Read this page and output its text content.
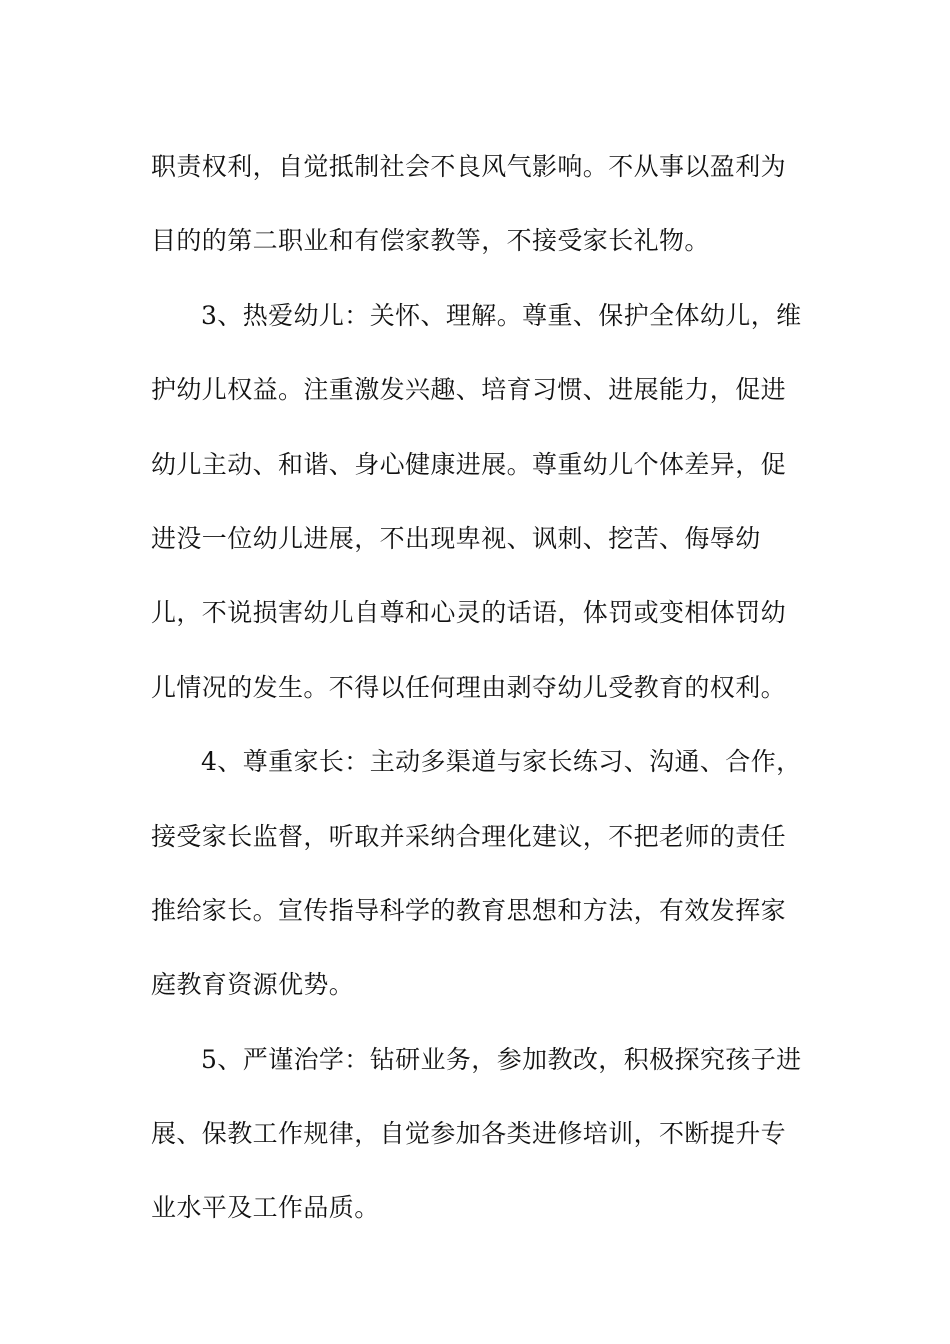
职责权利，自觉抵制社会不良风气影响。不从事以盈利为
目的的第二职业和有偿家教等，不接受家长礼物。
3、热爱幼儿：关怀、理解。尊重、保护全体幼儿，维
护幼儿权益。注重激发兴趣、培育习惯、进展能力，促进
幼儿主动、和谐、身心健康进展。尊重幼儿个体差异，促
进没一位幼儿进展，不出现卑视、讽刺、挖苦、侮辱幼
儿，不说损害幼儿自尊和心灵的话语，体罚或变相体罚幼
儿情况的发生。不得以任何理由剥夺幼儿受教育的权利。
4、尊重家长：主动多渠道与家长练习、沟通、合作，
接受家长监督，听取并采纳合理化建议，不把老师的责任
推给家长。宣传指导科学的教育思想和方法，有效发挥家
庭教育资源优势。
5、严谨治学：钻研业务，参加教改，积极探究孩子进
展、保教工作规律，自觉参加各类进修培训，不断提升专
业水平及工作品质。
